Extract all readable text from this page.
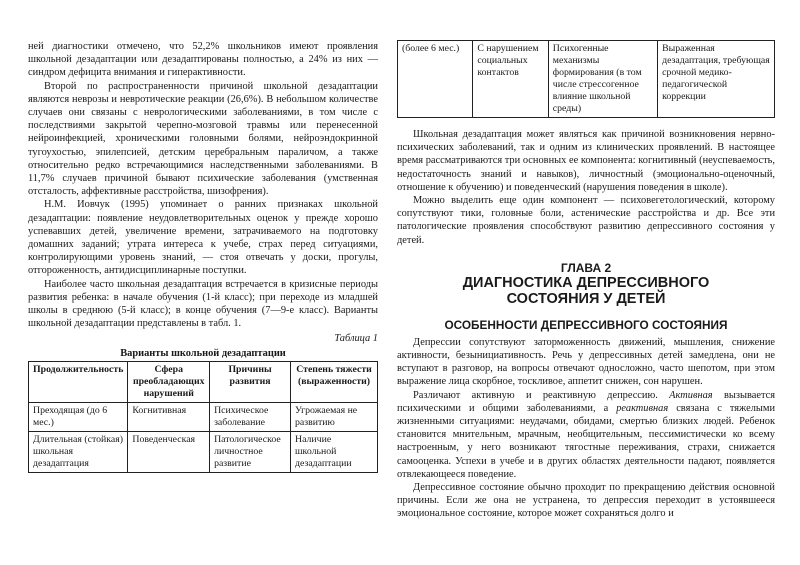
ней диагностики отмечено, что 52,2% школьников имеют проявления школьной дезадаптации или дезадаптированы полностью, а 24% из них — синдром дефицита внимания и гиперактивности.

Второй по распространенности причиной школьной дезадаптации являются неврозы и невротические реакции (26,6%). В небольшом количестве случаев они связаны с неврологическими заболеваниями, в том числе с последствиями закрытой черепно-мозговой травмы или перенесенной нейроинфекцией, хроническими головными болями, нейроэндокринной тугоухостью, эпилепсией, детским церебральным параличом, а также относительно редко встречающимися наследственными заболеваниями. В 11,7% случаев причиной бывают психические заболевания (умственная отсталость, аффективные расстройства, шизофрения).

Н.М. Иовчук (1995) упоминает о ранних признаках школьной дезадаптации: появление неудовлетворительных оценок у прежде хорошо успевавших детей, увеличение времени, затрачиваемого на подготовку домашних заданий; утрата интереса к учебе, страх перед ситуациями, контролирующими уровень знаний, — стоя отвечать у доски, прогулы, отгороженность, антидисциплинарные поступки.

Наиболее часто школьная дезадаптация встречается в кризисные периоды развития ребенка: в начале обучения (1-й класс); при переходе из младшей школы в среднюю (5-й класс); в конце обучения (7—9-е класс). Варианты школьной дезадаптации представлены в табл. 1.

Таблица 1
Варианты школьной дезадаптации
Продолжительность	Сфера преобладающих нарушений	Причины развития	Степень тяжести (выраженности)
Преходящая (до 6 мес.)	Когнитивная	Психическое заболевание	Угрожаемая не развитию
Длительная (стойкая) школьная дезадаптация	Поведенческая	Патологическое личностное развитие	Наличие школьной дезадаптации
(более 6 мес.)	С нарушением социальных контактов	Психогенные механизмы формирования (в том числе стрессогенное влияние школьной среды)	Выраженная дезадаптация, требующая срочной медико-педагогической коррекции

Школьная дезадаптация может являться как причиной возникновения нервно-психических заболеваний, так и одним из клинических проявлений. В настоящее время рассматриваются три основных ее компонента: когнитивный (неуспеваемость, недостаточность знаний и навыков), личностный (эмоционально-оценочный, отношение к обучению) и поведенческий (нарушения поведения в школе).

Можно выделить еще один компонент — психовегетологический, которому сопутствуют тики, головные боли, астенические расстройства и др. Все эти патологические проявления способствуют развитию депрессивного состояния у детей.

ГЛАВА 2
ДИАГНОСТИКА ДЕПРЕССИВНОГО
СОСТОЯНИЯ У ДЕТЕЙ
ОСОБЕННОСТИ ДЕПРЕССИВНОГО СОСТОЯНИЯ

Депрессии сопутствуют заторможенность движений, мышления, снижение активности, безынициативность. Речь у депрессивных детей замедлена, они не вступают в разговор, на вопросы отвечают односложно, часто шепотом, при этом выражение лица скорбное, тоскливое, аппетит снижен, сон нарушен.

Различают активную и реактивную депрессию. Активная вызывается психическими и общими заболеваниями, а реактивная связана с тяжелыми жизненными ситуациями: неудачами, обидами, смертью близких людей. Ребенок становится мнительным, мрачным, необщительным, пессимистически ко всему настроенным, у него возникают тягостные переживания, страхи, снижается самооценка. Успехи в учебе и в других областях деятельности падают, появляется отвлекающееся поведение.

Депрессивное состояние обычно проходит по прекращению действия основной причины. Если же она не устранена, то депрессия переходит в устоявшееся эмоциональное состояние, которое может сохраняться долго и
